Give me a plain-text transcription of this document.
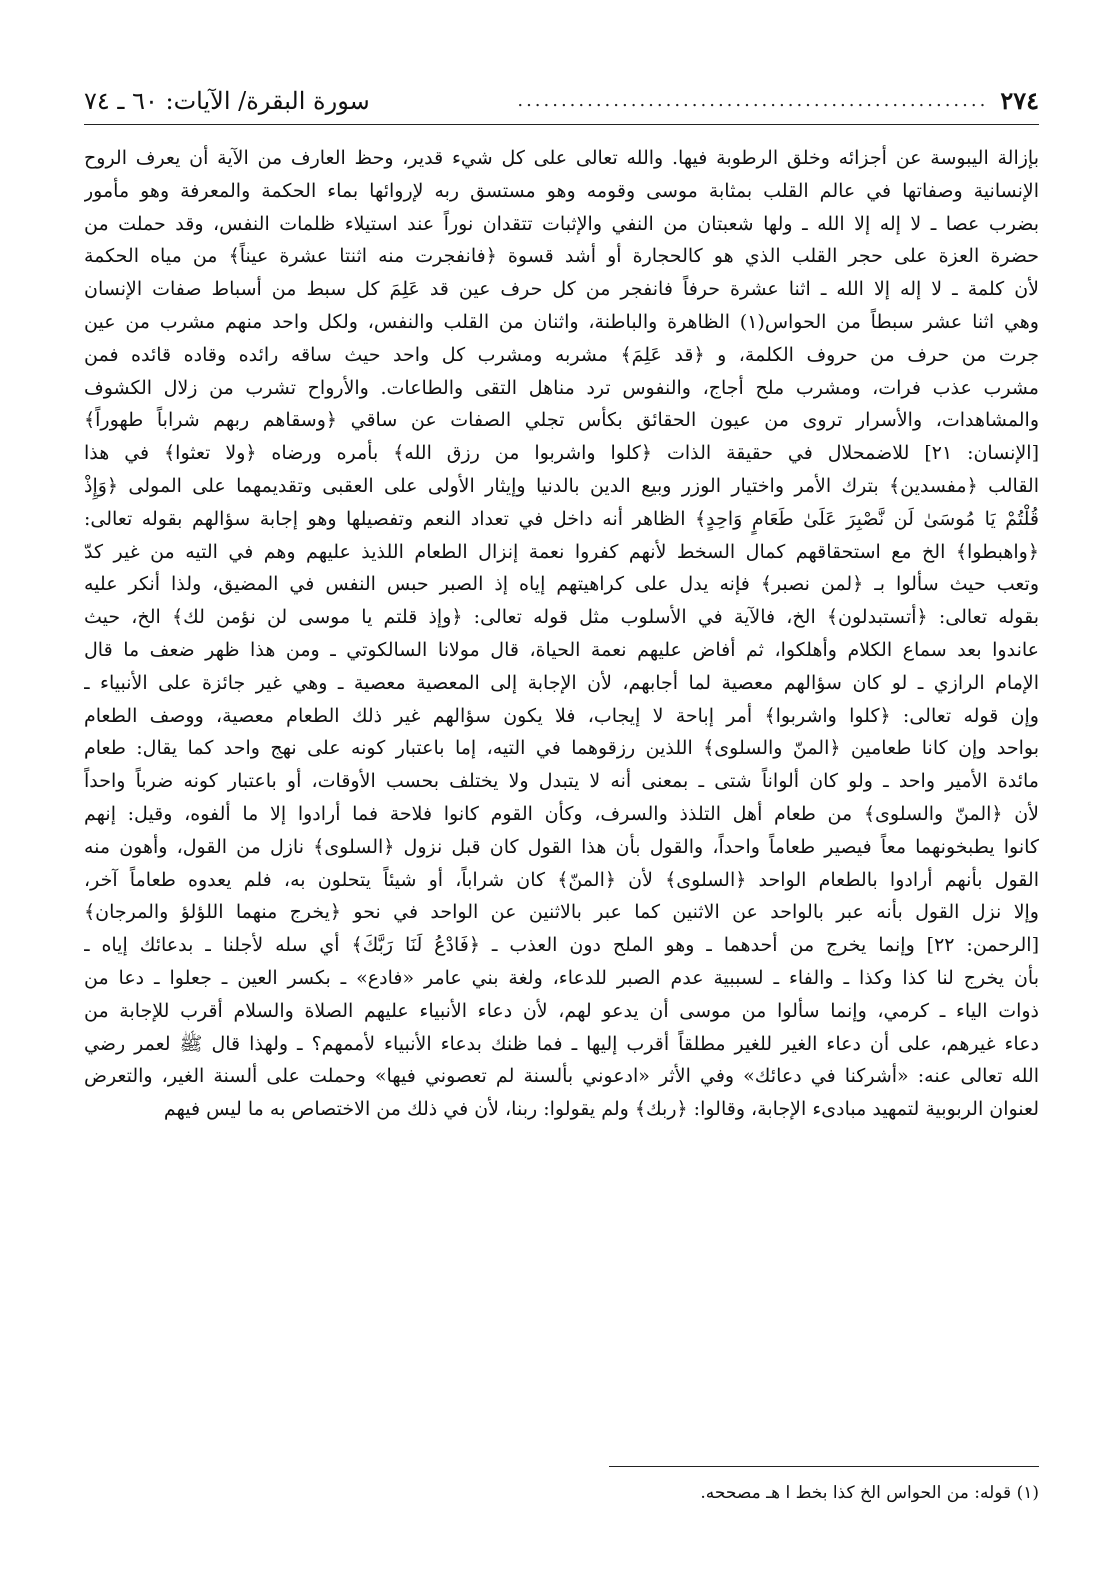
٢٧٤
......................................................
سورة البقرة/ الآيات: ٦٠ ـ ٧٤
بإزالة اليبوسة عن أجزائه وخلق الرطوبة فيها. والله تعالى على كل شيء قدير، وحظ العارف من الآية أن يعرف الروح
الإنسانية وصفاتها في عالم القلب بمثابة موسى وقومه وهو مستسق ربه لإروائها بماء الحكمة والمعرفة وهو مأمور
بضرب عصا ـ لا إله إلا الله ـ ولها شعبتان من النفي والإثبات تتقدان نوراً عند استيلاء ظلمات النفس، وقد حملت من
حضرة العزة على حجر القلب الذي هو كالحجارة أو أشد قسوة ﴿فانفجرت منه اثنتا عشرة عيناً﴾ من مياه الحكمة
لأن كلمة ـ لا إله إلا الله ـ اثنا عشرة حرفاً فانفجر من كل حرف عين قد عَلِمَ كل سبط من أسباط صفات الإنسان
وهي اثنا عشر سبطاً من الحواس(١) الظاهرة والباطنة، واثنان من القلب والنفس، ولكل واحد منهم مشرب من عين
جرت من حرف من حروف الكلمة، و ﴿قد عَلِمَ﴾ مشربه ومشرب كل واحد حيث ساقه رائده وقاده قائده فمن
مشرب عذب فرات، ومشرب ملح أجاج، والنفوس ترد مناهل التقى والطاعات. والأرواح تشرب من زلال الكشوف
والمشاهدات، والأسرار تروى من عيون الحقائق بكأس تجلي الصفات عن ساقي ﴿وسقاهم ربهم شراباً طهوراً﴾
[الإنسان: ٢١] للاضمحلال في حقيقة الذات ﴿كلوا واشربوا من رزق الله﴾ بأمره ورضاه ﴿ولا تعثوا﴾ في هذا
القالب ﴿مفسدين﴾ بترك الأمر واختيار الوزر وبيع الدين بالدنيا وإيثار الأولى على العقبى وتقديمهما على المولى ﴿وَإِذْ
قُلْتُمْ يَا مُوسَىٰ لَن نَّصْبِرَ عَلَىٰ طَعَامٍ وَاحِدٍ﴾ الظاهر أنه داخل في تعداد النعم وتفصيلها وهو إجابة سؤالهم بقوله تعالى:
﴿واهبطوا﴾ الخ مع استحقاقهم كمال السخط لأنهم كفروا نعمة إنزال الطعام اللذيذ عليهم وهم في التيه من غير كدّ
وتعب حيث سألوا بـ ﴿لمن نصبر﴾ فإنه يدل على كراهيتهم إياه إذ الصبر حبس النفس في المضيق، ولذا أنكر عليه
بقوله تعالى: ﴿أتستبدلون﴾ الخ، فالآية في الأسلوب مثل قوله تعالى: ﴿وإذ قلتم يا موسى لن نؤمن لك﴾ الخ، حيث
عاندوا بعد سماع الكلام وأهلكوا، ثم أفاض عليهم نعمة الحياة، قال مولانا السالكوتي ـ ومن هذا ظهر ضعف ما قال
الإمام الرازي ـ لو كان سؤالهم معصية لما أجابهم، لأن الإجابة إلى المعصية معصية ـ وهي غير جائزة على الأنبياء ـ
وإن قوله تعالى: ﴿كلوا واشربوا﴾ أمر إباحة لا إيجاب، فلا يكون سؤالهم غير ذلك الطعام معصية، ووصف الطعام
بواحد وإن كانا طعامين ﴿المنّ والسلوى﴾ اللذين رزقوهما في التيه، إما باعتبار كونه على نهج واحد كما يقال: طعام
مائدة الأمير واحد ـ ولو كان ألواناً شتى ـ بمعنى أنه لا يتبدل ولا يختلف بحسب الأوقات، أو باعتبار كونه ضرباً واحداً
لأن ﴿المنّ والسلوى﴾ من طعام أهل التلذذ والسرف، وكأن القوم كانوا فلاحة فما أرادوا إلا ما ألفوه، وقيل: إنهم
كانوا يطبخونهما معاً فيصير طعاماً واحداً، والقول بأن هذا القول كان قبل نزول ﴿السلوى﴾ نازل من القول، وأهون منه
القول بأنهم أرادوا بالطعام الواحد ﴿السلوى﴾ لأن ﴿المنّ﴾ كان شراباً، أو شيئاً يتحلون به، فلم يعدوه طعاماً آخر،
وإلا نزل القول بأنه عبر بالواحد عن الاثنين كما عبر بالاثنين عن الواحد في نحو ﴿يخرج منهما اللؤلؤ والمرجان﴾
[الرحمن: ٢٢] وإنما يخرج من أحدهما ـ وهو الملح دون العذب ـ ﴿فَادْعُ لَنَا رَبَّكَ﴾ أي سله لأجلنا ـ بدعائك إياه ـ
بأن يخرج لنا كذا وكذا ـ والفاء ـ لسببية عدم الصبر للدعاء، ولغة بني عامر «فادع» ـ بكسر العين ـ جعلوا ـ دعا من
ذوات الياء ـ كرمي، وإنما سألوا من موسى أن يدعو لهم، لأن دعاء الأنبياء عليهم الصلاة والسلام أقرب للإجابة من
دعاء غيرهم، على أن دعاء الغير للغير مطلقاً أقرب إليها ـ فما ظنك بدعاء الأنبياء لأممهم؟ ـ ولهذا قال ﷺ لعمر رضي
الله تعالى عنه: «أشركنا في دعائك» وفي الأثر «ادعوني بألسنة لم تعصوني فيها» وحملت على ألسنة الغير، والتعرض
لعنوان الربوبية لتمهيد مبادىء الإجابة، وقالوا: ﴿ربك﴾ ولم يقولوا: ربنا، لأن في ذلك من الاختصاص به ما ليس فيهم
(١) قوله: من الحواس الخ كذا بخط ا هـ مصححه.
